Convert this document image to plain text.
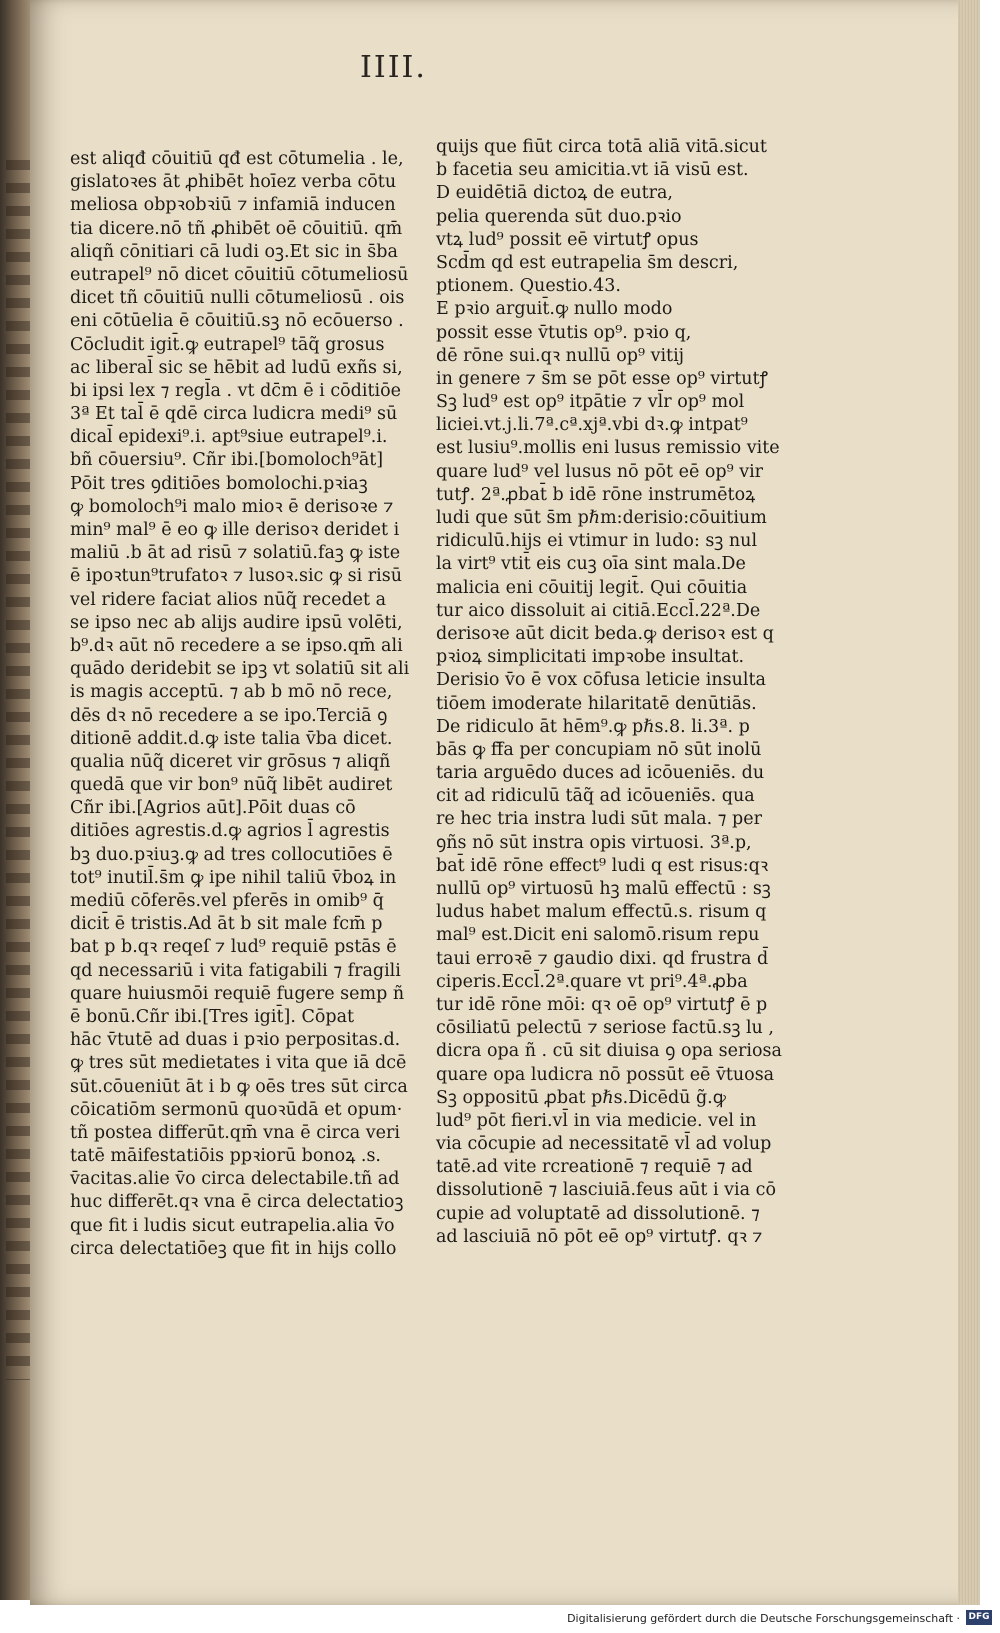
IIII.
est aliqđ cōuitiū qđ est cōtumelia . le,
gislatoꝛes āt ꝓhibēt hoīez verba cōtu
meliosa obpꝛobꝛiū ⁊ infamiā inducen
tia dicere.nō tñ ꝓhibēt oē cōuitiū. qm̄
aliqñ cōnitiari cā ludi oꝫ.Et sic in s̄ba
eutrapel⁹ nō dicet cōuitiū cōtumeliosū
dicet tñ cōuitiū nulli cōtumeliosū . ois
eni cōtūelia ē cōuitiū.sꝫ nō ecōuerso .
Cōcludit igit̄.ꝙ eutrapel⁹ tāq̃ grosus
ac liberal̄ sic se hēbit ad ludū exñs si,
bi ipsi lex ⁊ regl̄a . vt dc̄m ē i cōditiōe
3ª Et tal̄ ē qdē circa ludicra medi⁹ sū
dical̄ epidexi⁹.i. apt⁹siue eutrapel⁹.i.
bñ cōuersiu⁹. Cñr ibi.[bomoloch⁹āt]
Pōit tres ꝯditiōes bomolochi.pꝛiaꝫ
ꝙ bomoloch⁹i malo mioꝛ ē derisoꝛe ⁊
min⁹ mal⁹ ē eo ꝙ ille derisoꝛ deridet i
maliū .b āt ad risū ⁊ solatiū.faꝫ ꝙ iste
ē ipoꝛtun⁹trufatoꝛ ⁊ lusoꝛ.sic ꝙ si risū
vel ridere faciat alios nūq̃ recedet a
se ipso nec ab alijs audire ipsū volēti,
b⁹.dꝛ aūt nō recedere a se ipso.qm̄ ali
quādo deridebit se ipꝫ vt solatiū sit ali
is magis acceptū. ⁊ ab b mō nō rece,
dēs dꝛ nō recedere a se ipo.Terciā ꝯ
ditionē addit.d.ꝙ iste talia v̄ba dicet.
qualia nūq̃ diceret vir grōsus ⁊ aliqñ
quedā que vir bon⁹ nūq̃ libēt audiret
Cñr ibi.[Agrios aūt].Pōit duas cō
ditiōes agrestis.d.ꝙ agrios l̄ agrestis
bꝫ duo.pꝛiuꝫ.ꝙ ad tres collocutiōes ē
tot⁹ inutil̄.s̄m ꝙ ipe nihil taliū v̄boꝝ in
mediū cōferēs.vel pferēs in omib⁹ q̄
dicit̄ ē tristis.Ad āt b sit male fcm̄ p
bat p b.qꝛ reqeſ ⁊ lud⁹ requiē pstās ē
qd necessariū i vita fatigabili ⁊ fragili
quare huiusmōi requiē fugere semp ñ
ē bonū.Cñr ibi.[Tres igit̄]. Cōpat
hāc v̄tutē ad duas i pꝛio perpositas.d.
ꝙ tres sūt medietates i vita que iā dcē
sūt.cōueniūt āt i b ꝙ oēs tres sūt circa
cōicatiōm sermonū quoꝛūdā et opum·
tñ postea differūt.qm̄ vna ē circa veri
tatē māifestatiōis ppꝛiorū bonoꝝ .s.
v̄acitas.alie v̄o circa delectabile.tñ ad
huc differēt.qꝛ vna ē circa delectatioꝫ
que fit i ludis sicut eutrapelia.alia v̄o
circa delectatiōeꝫ que fit in hijs collo
quijs que fiūt circa totā aliā vitā.sicut
b facetia seu amicitia.vt iā visū est.
D euidētiā dictoꝝ de eutra,
pelia querenda sūt duo.pꝛio
vtꝝ lud⁹ possit eē virtutꝭ opus
Scd̄m qd est eutrapelia s̄m descri,
ptionem. Questio.43.
E pꝛio arguit̄.ꝙ nullo modo
possit esse v̄tutis op⁹. pꝛio q,
dē rōne sui.qꝛ nullū op⁹ vitij
in genere ⁊ s̄m se pōt esse op⁹ virtutꝭ
Sꝫ lud⁹ est op⁹ itpātie ⁊ vl̄r op⁹ mol
liciei.vt.j.li.7ª.cª.xjª.vbi dꝛ.ꝙ intpat⁹
est lusiu⁹.mollis eni lusus remissio vite
quare lud⁹ vel lusus nō pōt eē op⁹ vir
tutꝭ. 2ª.ꝓbat̄ b idē rōne instrumētoꝝ
ludi que sūt s̄m pℏm:derisio:cōuitium
ridiculū.hijs ei vtimur in ludo: sꝫ nul
la virt⁹ vtit̄ eis cuꝫ oīa sint mala.De
malicia eni cōuitij legit̄. Qui cōuitia
tur aico dissoluit ai citiā.Eccl̄.22ª.De
derisoꝛe aūt dicit beda.ꝙ derisoꝛ est q
pꝛioꝝ simplicitati impꝛobe insultat.
Derisio v̄o ē vox cōfusa leticie insulta
tiōem imoderate hilaritatē denūtiās.
De ridiculo āt hēm⁹.ꝙ pℏs.8. li.3ª. p
bās ꝙ ff̄a per concupiam nō sūt inolū
taria arguēdo duces ad icōueniēs. du
cit ad ridiculū tāq̃ ad icōueniēs. qua
re hec tria instra ludi sūt mala. ⁊ per
ꝯñs nō sūt instra opis virtuosi. 3ª.p,
bat̄ idē rōne effect⁹ ludi q est risus:qꝛ
nullū op⁹ virtuosū hꝫ malū effectū : sꝫ
ludus habet malum effectū.s. risum q
mal⁹ est.Dicit eni salomō.risum repu
taui erroꝛē ⁊ gaudio dixi. qd frustra d̄
ciperis.Eccl̄.2ª.quare vt pri⁹.4ª.ꝓba
tur idē rōne mōi: qꝛ oē op⁹ virtutꝭ ē p
cōsiliatū pelectū ⁊ seriose factū.sꝫ lu ,
dicra opa ñ . cū sit diuisa ꝯ opa seriosa
quare opa ludicra nō possūt eē v̄tuosa
Sꝫ oppositū ꝓbat pℏs.Dicēdū g̃.ꝙ
lud⁹ pōt fieri.vl̄ in via medicie. vel in
via cōcupie ad necessitatē vl̄ ad volup
tatē.ad vite rcreationē ⁊ requiē ⁊ ad
dissolutionē ⁊ lasciuiā.feus aūt i via cō
cupie ad voluptatē ad dissolutionē. ⁊
ad lasciuiā nō pōt eē op⁹ virtutꝭ. qꝛ ⁊
Digitalisierung gefördert durch die Deutsche Forschungsgemeinschaft · DFG
